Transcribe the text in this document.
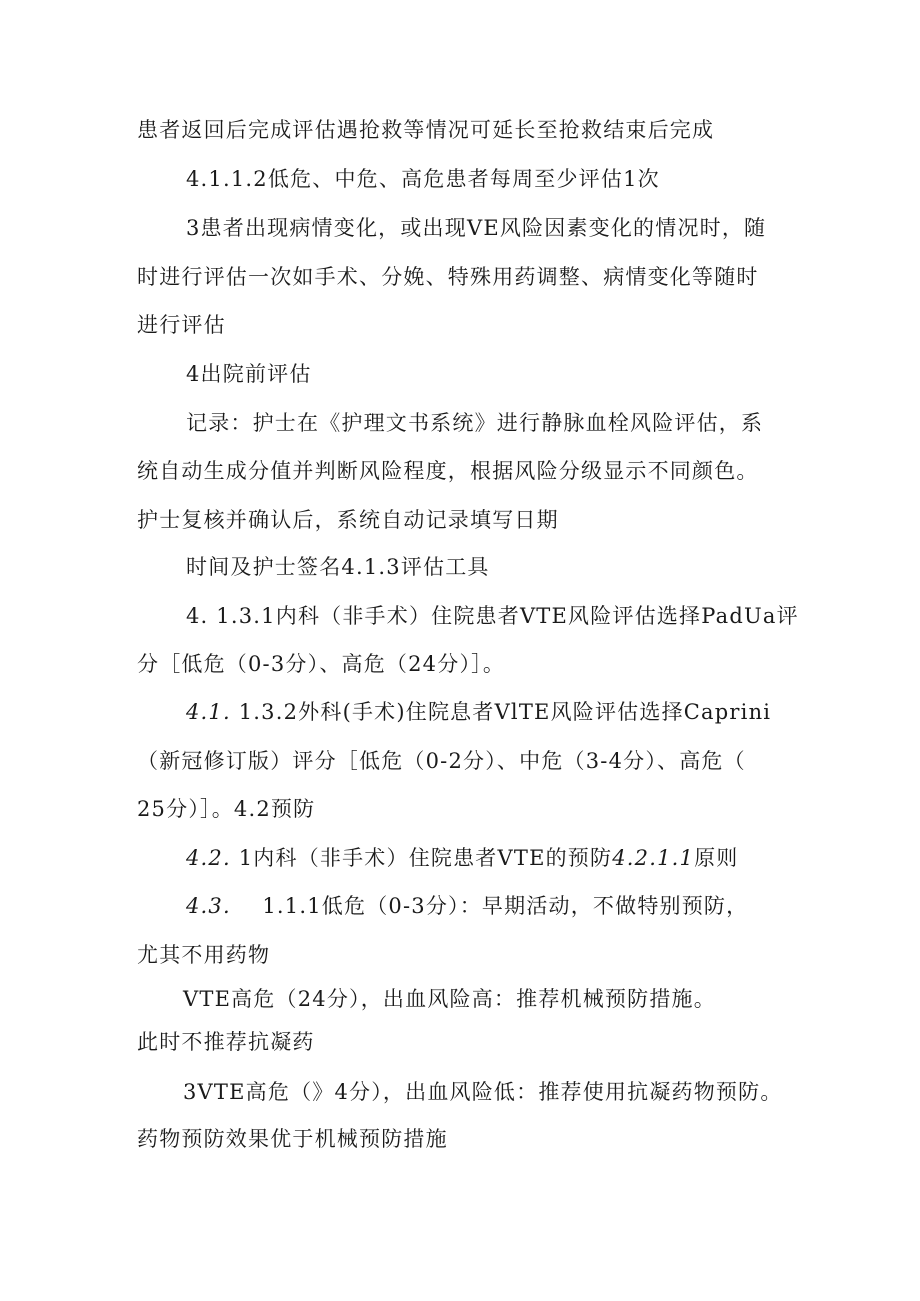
患者返回后完成评估遇抢救等情况可延长至抢救结束后完成
4.1.1.2低危、中危、高危患者每周至少评估1次
3患者出现病情变化，或出现VE风险因素变化的情况时，随
时进行评估一次如手术、分娩、特殊用药调整、病情变化等随时
进行评估
4出院前评估
记录：护士在《护理文书系统》进行静脉血栓风险评估，系
统自动生成分值并判断风险程度，根据风险分级显示不同颜色。
护士复核并确认后，系统自动记录填写日期
时间及护士签名4.1.3评估工具
4. 1.3.1内科（非手术）住院患者VTE风险评估选择PadUa评
分［低危（0-3分）、高危（24分）］。
4.1. 1.3.2外科(手术)住院息者VlTE风险评估选择Caprini
（新冠修订版）评分［低危（0-2分）、中危（3-4分）、高危（
25分）］。4.2预防
4.2. 1内科（非手术）住院患者VTE的预防4.2.1.1原则
4.3.    1.1.1低危（0-3分）：早期活动，不做特别预防，
尤其不用药物
VTE高危（24分），出血风险高：推荐机械预防措施。
此时不推荐抗凝药
3VTE高危（》4分），出血风险低：推荐使用抗凝药物预防。
药物预防效果优于机械预防措施
